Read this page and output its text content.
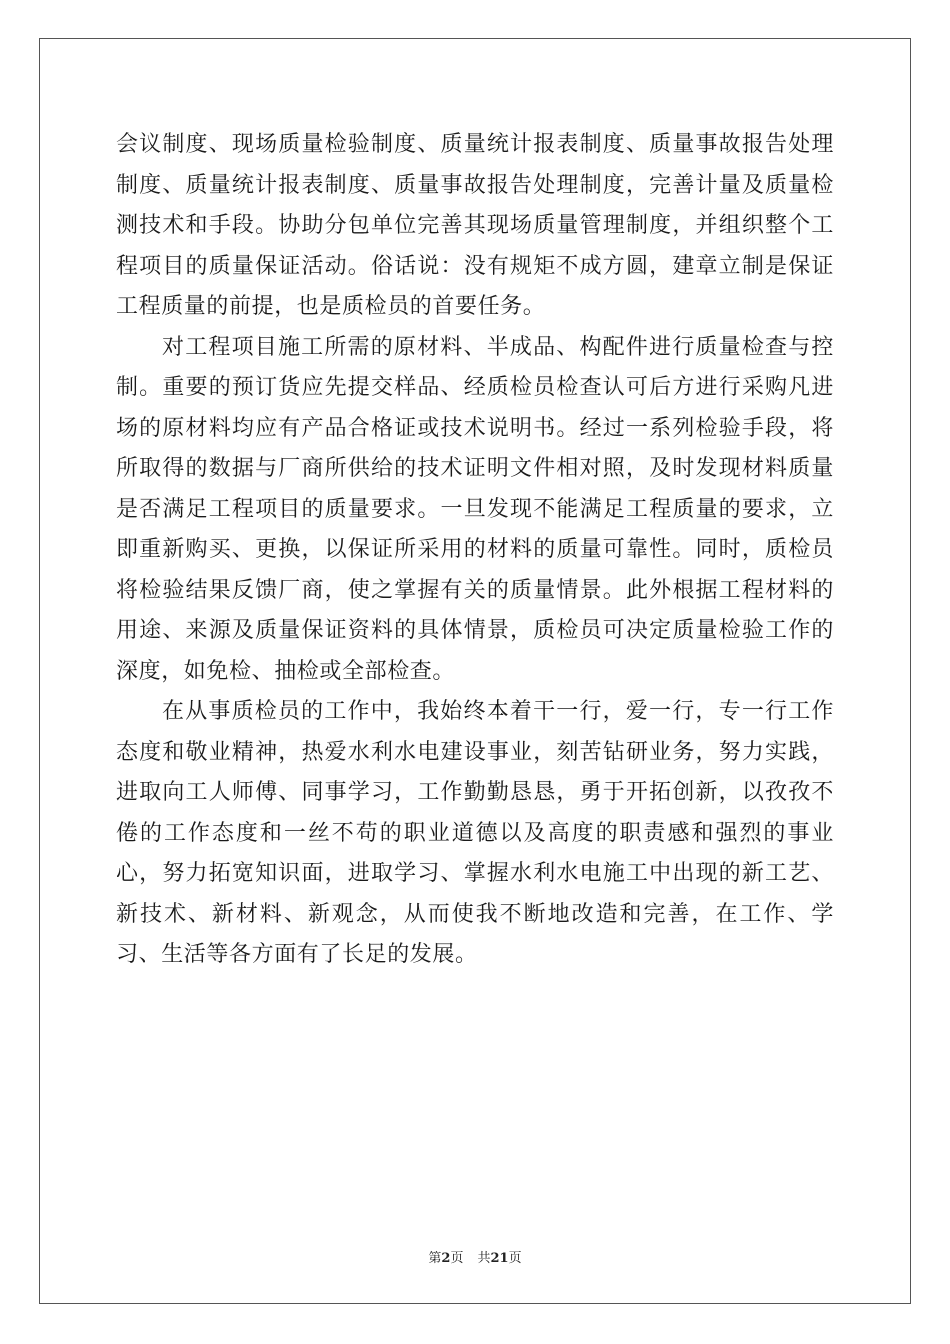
会议制度、现场质量检验制度、质量统计报表制度、质量事故报告处理制度、质量统计报表制度、质量事故报告处理制度，完善计量及质量检测技术和手段。协助分包单位完善其现场质量管理制度，并组织整个工程项目的质量保证活动。俗话说：没有规矩不成方圆，建章立制是保证工程质量的前提，也是质检员的首要任务。

对工程项目施工所需的原材料、半成品、构配件进行质量检查与控制。重要的预订货应先提交样品、经质检员检查认可后方进行采购凡进场的原材料均应有产品合格证或技术说明书。经过一系列检验手段，将所取得的数据与厂商所供给的技术证明文件相对照，及时发现材料质量是否满足工程项目的质量要求。一旦发现不能满足工程质量的要求，立即重新购买、更换，以保证所采用的材料的质量可靠性。同时，质检员将检验结果反馈厂商，使之掌握有关的质量情景。此外根据工程材料的用途、来源及质量保证资料的具体情景，质检员可决定质量检验工作的深度，如免检、抽检或全部检查。

在从事质检员的工作中，我始终本着干一行，爱一行，专一行工作态度和敬业精神，热爱水利水电建设事业，刻苦钻研业务，努力实践，进取向工人师傅、同事学习，工作勤勤恳恳，勇于开拓创新，以孜孜不倦的工作态度和一丝不苟的职业道德以及高度的职责感和强烈的事业心，努力拓宽知识面，进取学习、掌握水利水电施工中出现的新工艺、新技术、新材料、新观念，从而使我不断地改造和完善，在工作、学习、生活等各方面有了长足的发展。

第2页 共21页
